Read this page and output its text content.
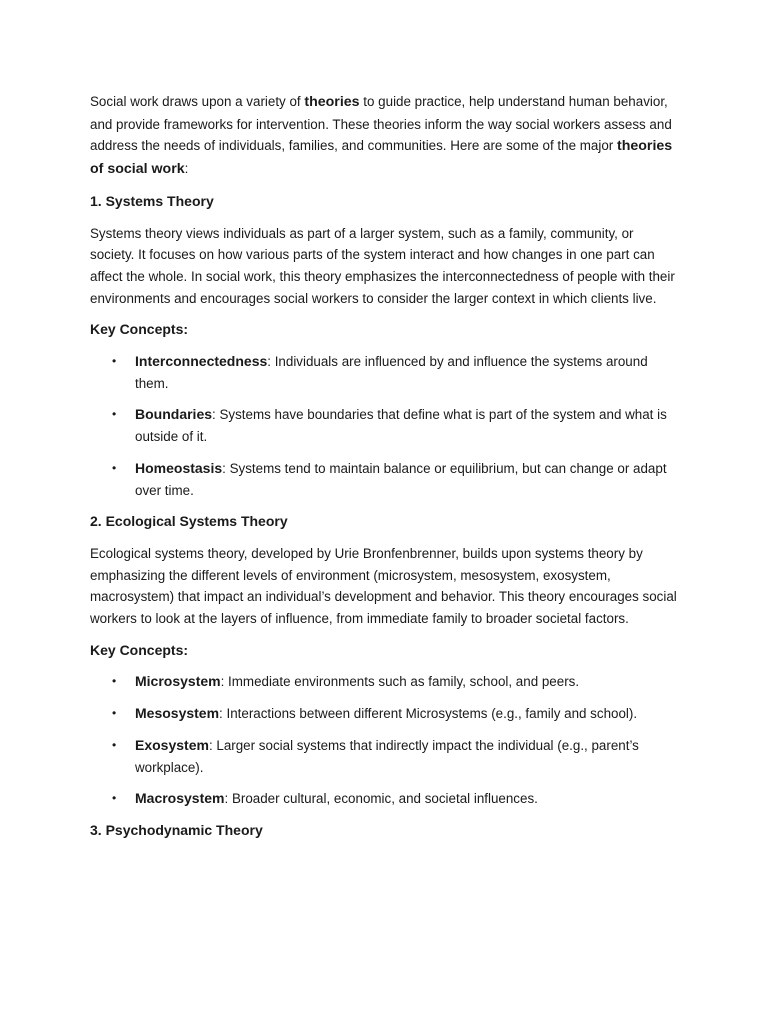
Social work draws upon a variety of theories to guide practice, help understand human behavior, and provide frameworks for intervention. These theories inform the way social workers assess and address the needs of individuals, families, and communities. Here are some of the major theories of social work:

1. Systems Theory

Systems theory views individuals as part of a larger system, such as a family, community, or society. It focuses on how various parts of the system interact and how changes in one part can affect the whole. In social work, this theory emphasizes the interconnectedness of people with their environments and encourages social workers to consider the larger context in which clients live.

Key Concepts:

• Interconnectedness: Individuals are influenced by and influence the systems around them.
• Boundaries: Systems have boundaries that define what is part of the system and what is outside of it.
• Homeostasis: Systems tend to maintain balance or equilibrium, but can change or adapt over time.

2. Ecological Systems Theory

Ecological systems theory, developed by Urie Bronfenbrenner, builds upon systems theory by emphasizing the different levels of environment (microsystem, mesosystem, exosystem, macrosystem) that impact an individual’s development and behavior. This theory encourages social workers to look at the layers of influence, from immediate family to broader societal factors.

Key Concepts:

• Microsystem: Immediate environments such as family, school, and peers.
• Mesosystem: Interactions between different Microsystems (e.g., family and school).
• Exosystem: Larger social systems that indirectly impact the individual (e.g., parent’s workplace).
• Macrosystem: Broader cultural, economic, and societal influences.

3. Psychodynamic Theory
